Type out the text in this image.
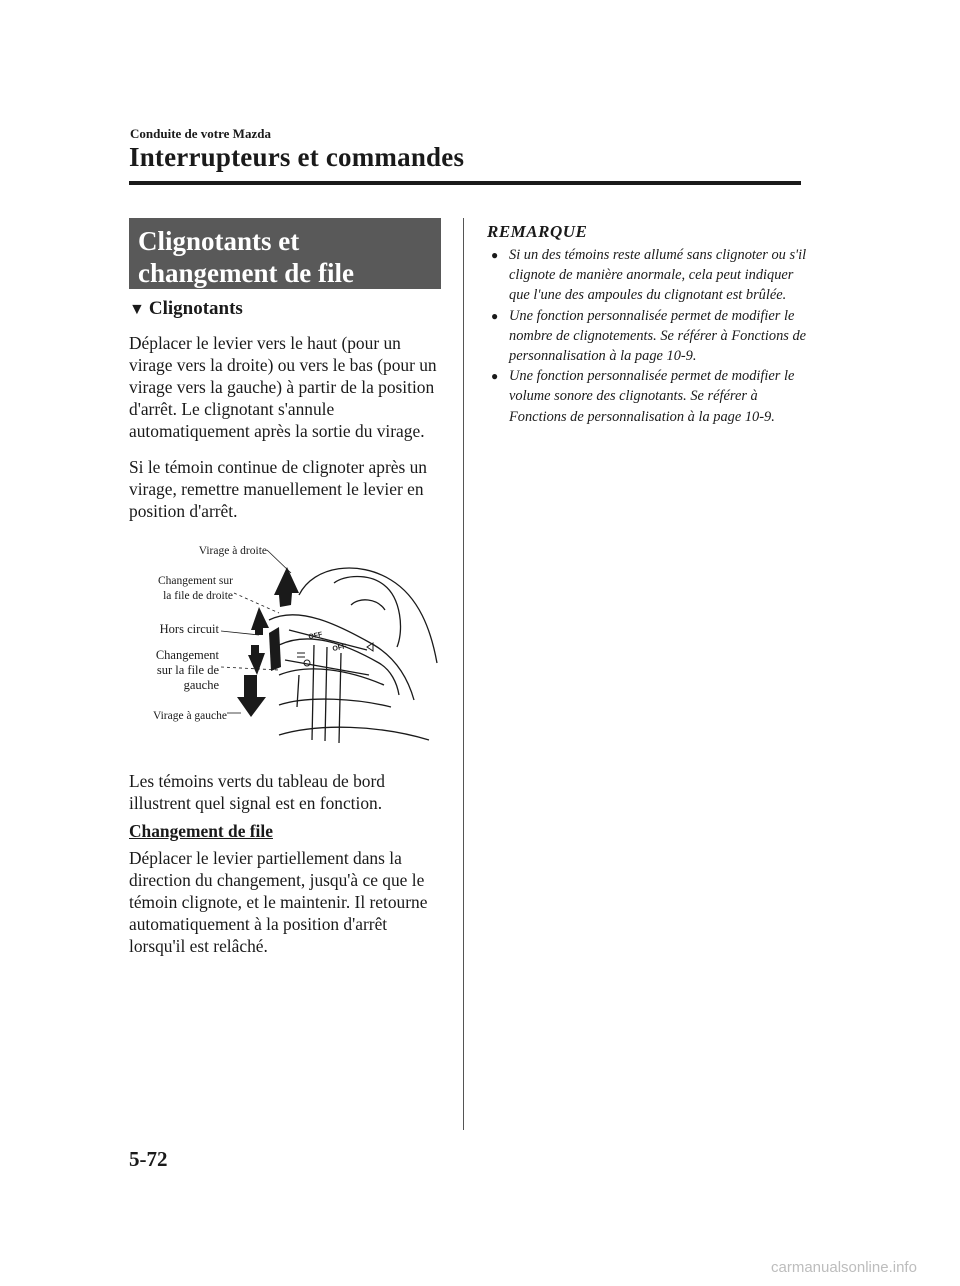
Conduite de votre Mazda
Interrupteurs et commandes
Clignotants et changement de file
▼ Clignotants
Déplacer le levier vers le haut (pour un virage vers la droite) ou vers le bas (pour un virage vers la gauche) à partir de la position d'arrêt. Le clignotant s'annule automatiquement après la sortie du virage.
Si le témoin continue de clignoter après un virage, remettre manuellement le levier en position d'arrêt.
OFF
OFF
Virage à droite
Changement sur
la file de droite
Hors circuit
Changement
sur la file de
gauche
Virage à gauche
Les témoins verts du tableau de bord illustrent quel signal est en fonction.
Changement de file
Déplacer le levier partiellement dans la direction du changement, jusqu'à ce que le témoin clignote, et le maintenir. Il retourne automatiquement à la position d'arrêt lorsqu'il est relâché.
REMARQUE
● Si un des témoins reste allumé sans clignoter ou s'il clignote de manière anormale, cela peut indiquer que l'une des ampoules du clignotant est brûlée.
● Une fonction personnalisée permet de modifier le nombre de clignotements. Se référer à Fonctions de personnalisation à la page 10-9.
● Une fonction personnalisée permet de modifier le volume sonore des clignotants. Se référer à Fonctions de personnalisation à la page 10-9.
5-72
carmanualsonline.info
